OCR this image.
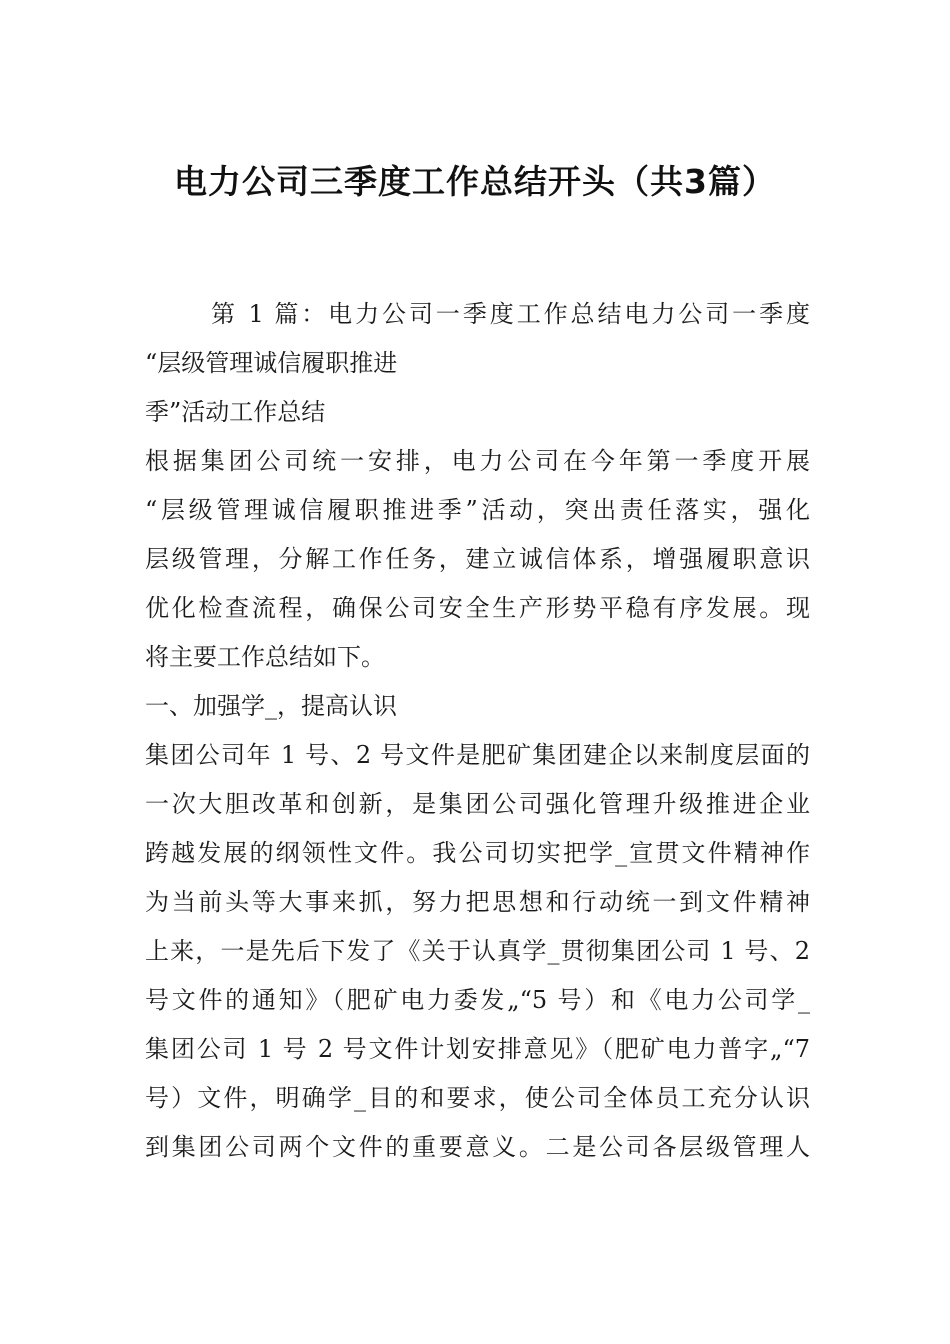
电力公司三季度工作总结开头（共3篇）
第 1 篇：电力公司一季度工作总结电力公司一季度
“层级管理诚信履职推进
季”活动工作总结
根据集团公司统一安排，电力公司在今年第一季度开展
“层级管理诚信履职推进季”活动，突出责任落实，强化
层级管理，分解工作任务，建立诚信体系，增强履职意识
优化检查流程，确保公司安全生产形势平稳有序发展。现
将主要工作总结如下。
一、加强学_，提高认识
集团公司年 1 号、2 号文件是肥矿集团建企以来制度层面的
一次大胆改革和创新，是集团公司强化管理升级推进企业
跨越发展的纲领性文件。我公司切实把学_宣贯文件精神作
为当前头等大事来抓，努力把思想和行动统一到文件精神
上来，一是先后下发了《关于认真学_贯彻集团公司 1 号、2
号文件的通知》（肥矿电力委发„“5 号）和《电力公司学_
集团公司 1 号 2 号文件计划安排意见》（肥矿电力普字„“7
号）文件，明确学_目的和要求，使公司全体员工充分认识
到集团公司两个文件的重要意义。二是公司各层级管理人
